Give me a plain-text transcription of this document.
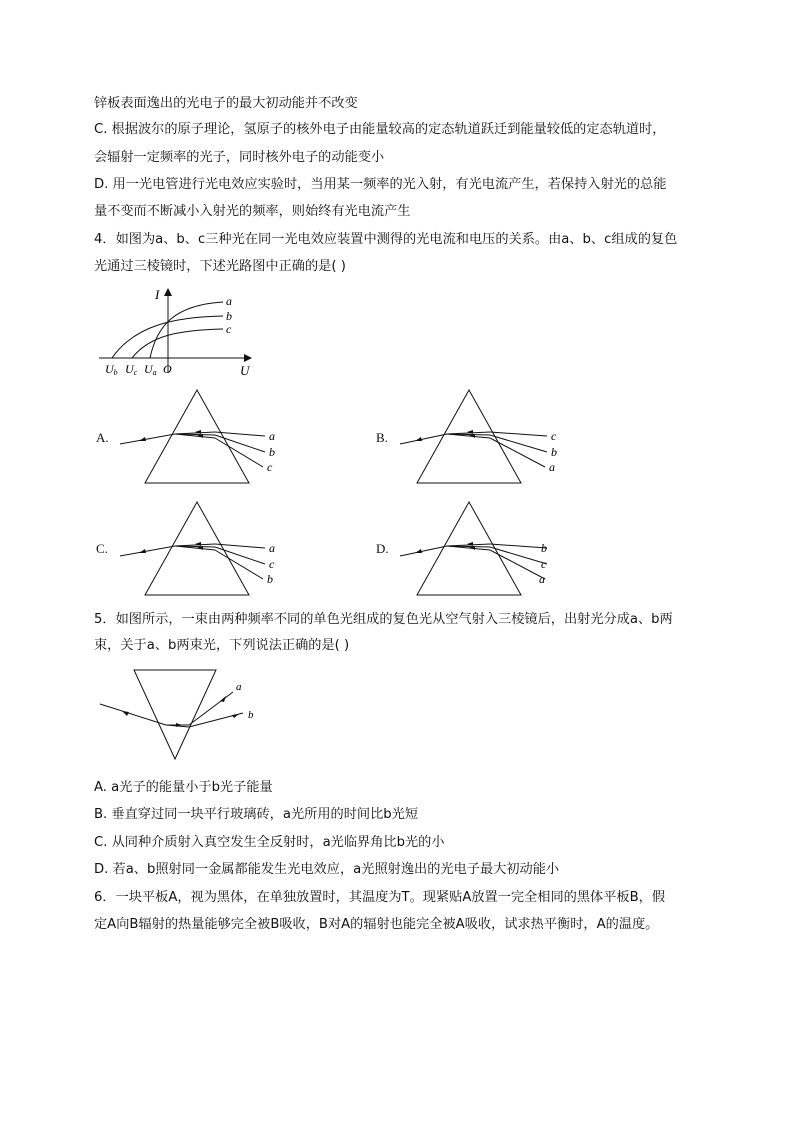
锌板表面逸出的光电子的最大初动能并不改变
C. 根据波尔的原子理论，氢原子的核外电子由能量较高的定态轨道跃迁到能量较低的定态轨道时，
会辐射一定频率的光子，同时核外电子的动能变小
D. 用一光电管进行光电效应实验时，当用某一频率的光入射，有光电流产生，若保持入射光的总能
量不变而不断减小入射光的频率，则始终有光电流产生
4．如图为a、b、c三种光在同一光电效应装置中测得的光电流和电压的关系。由a、b、c组成的复色
光通过三棱镜时，下述光路图中正确的是( )
I
U
a
b
c
Ub Uc Ua O
A.	a
b
c
B.	c
b
a
C.	a
c
b
D.	b
c
a
5．如图所示，一束由两种频率不同的单色光组成的复色光从空气射入三棱镜后，出射光分成a、b两
束，关于a、b两束光，下列说法正确的是( )
a
b
A. a光子的能量小于b光子能量
B. 垂直穿过同一块平行玻璃砖，a光所用的时间比b光短
C. 从同种介质射入真空发生全反射时，a光临界角比b光的小
D. 若a、b照射同一金属都能发生光电效应，a光照射逸出的光电子最大初动能小
6．一块平板A，视为黑体，在单独放置时，其温度为T。现紧贴A放置一完全相同的黑体平板B，假
定A向B辐射的热量能够完全被B吸收，B对A的辐射也能完全被A吸收，试求热平衡时，A的温度。
